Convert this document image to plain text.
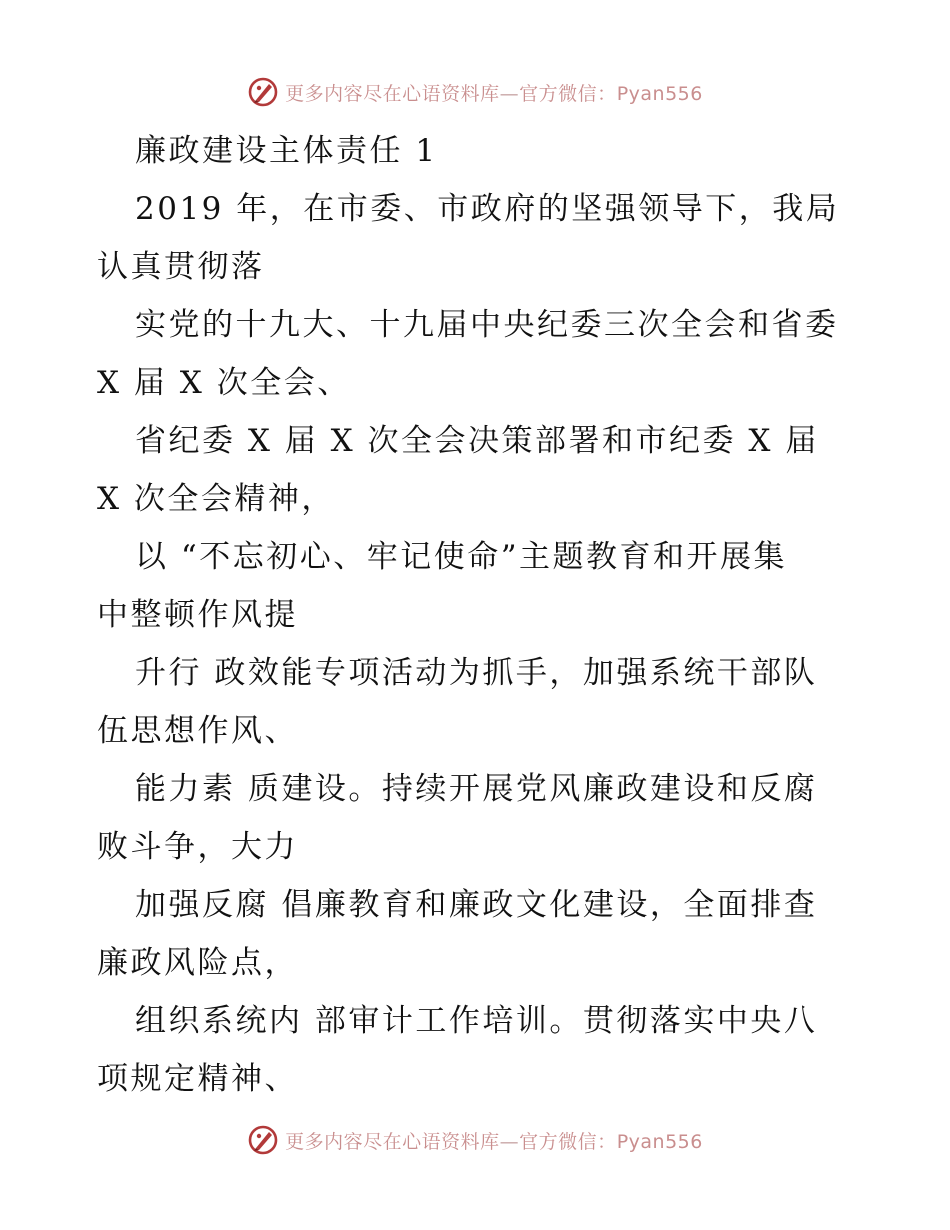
更多内容尽在心语资料库—官方微信：Pyan556
廉政建设主体责任 1
2019 年，在市委、市政府的坚强领导下，我局
认真贯彻落
实党的十九大、十九届中央纪委三次全会和省委
X 届 X 次全会、
省纪委 X 届 X 次全会决策部署和市纪委 X 届
X 次全会精神，
以 “不忘初心、牢记使命”主题教育和开展集
中整顿作风提
升行 政效能专项活动为抓手，加强系统干部队
伍思想作风、
能力素 质建设。持续开展党风廉政建设和反腐
败斗争，大力
加强反腐 倡廉教育和廉政文化建设，全面排查
廉政风险点，
组织系统内 部审计工作培训。贯彻落实中央八
项规定精神、
更多内容尽在心语资料库—官方微信：Pyan556
